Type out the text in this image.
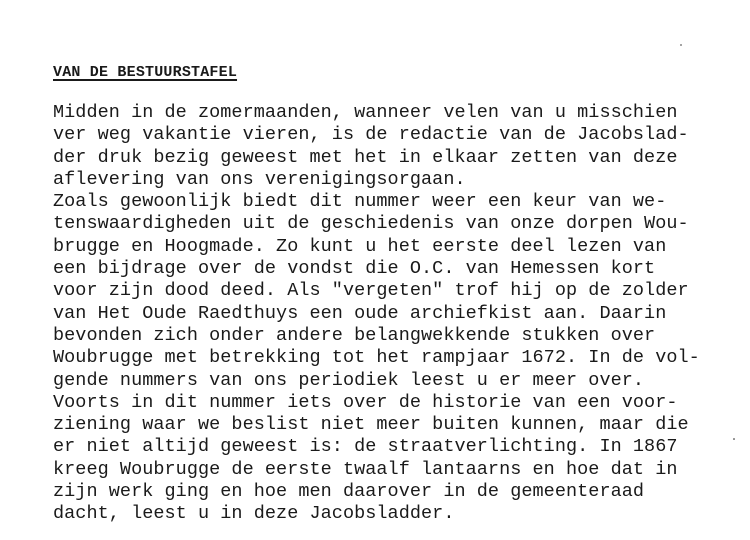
VAN DE BESTUURSTAFEL
Midden in de zomermaanden, wanneer velen van u misschien
ver weg vakantie vieren, is de redactie van de Jacobslad-
der druk bezig geweest met het in elkaar zetten van deze
aflevering van ons verenigingsorgaan.
Zoals gewoonlijk biedt dit nummer weer een keur van we-
tenswaardigheden uit de geschiedenis van onze dorpen Wou-
brugge en Hoogmade. Zo kunt u het eerste deel lezen van
een bijdrage over de vondst die O.C. van Hemessen kort
voor zijn dood deed. Als "vergeten" trof hij op de zolder
van Het Oude Raedthuys een oude archiefkist aan. Daarin
bevonden zich onder andere belangwekkende stukken over
Woubrugge met betrekking tot het rampjaar 1672. In de vol-
gende nummers van ons periodiek leest u er meer over.
Voorts in dit nummer iets over de historie van een voor-
ziening waar we beslist niet meer buiten kunnen, maar die
er niet altijd geweest is: de straatverlichting. In 1867
kreeg Woubrugge de eerste twaalf lantaarns en hoe dat in
zijn werk ging en hoe men daarover in de gemeenteraad
dacht, leest u in deze Jacobsladder.
